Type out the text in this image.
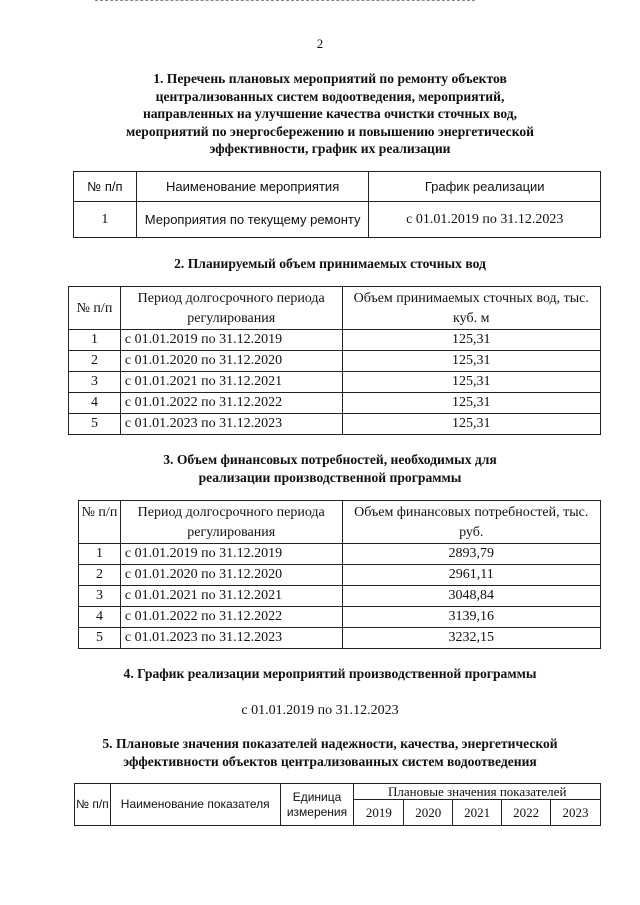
2
1. Перечень плановых мероприятий по ремонту объектов
централизованных систем водоотведения, мероприятий,
направленных на улучшение качества очистки сточных вод,
мероприятий по энергосбережению и повышению энергетической
эффективности, график их реализации
№ п/п	Наименование мероприятия	График реализации
1	Мероприятия по текущему ремонту	с 01.01.2019 по 31.12.2023
2. Планируемый объем принимаемых сточных вод
№ п/п	Период долгосрочного периода регулирования	Объем принимаемых сточных вод, тыс. куб. м
1	с 01.01.2019 по 31.12.2019	125,31
2	с 01.01.2020 по 31.12.2020	125,31
3	с 01.01.2021 по 31.12.2021	125,31
4	с 01.01.2022 по 31.12.2022	125,31
5	с 01.01.2023 по 31.12.2023	125,31
3. Объем финансовых потребностей, необходимых для
реализации производственной программы
№ п/п	Период долгосрочного периода регулирования	Объем финансовых потребностей, тыс. руб.
1	с 01.01.2019 по 31.12.2019	2893,79
2	с 01.01.2020 по 31.12.2020	2961,11
3	с 01.01.2021 по 31.12.2021	3048,84
4	с 01.01.2022 по 31.12.2022	3139,16
5	с 01.01.2023 по 31.12.2023	3232,15
4. График реализации мероприятий производственной программы
с 01.01.2019 по 31.12.2023
5. Плановые значения показателей надежности, качества, энергетической
эффективности объектов централизованных систем водоотведения
№ п/п	Наименование показателя	Единица измерения	Плановые значения показателей				
			2019	2020	2021	2022	2023
